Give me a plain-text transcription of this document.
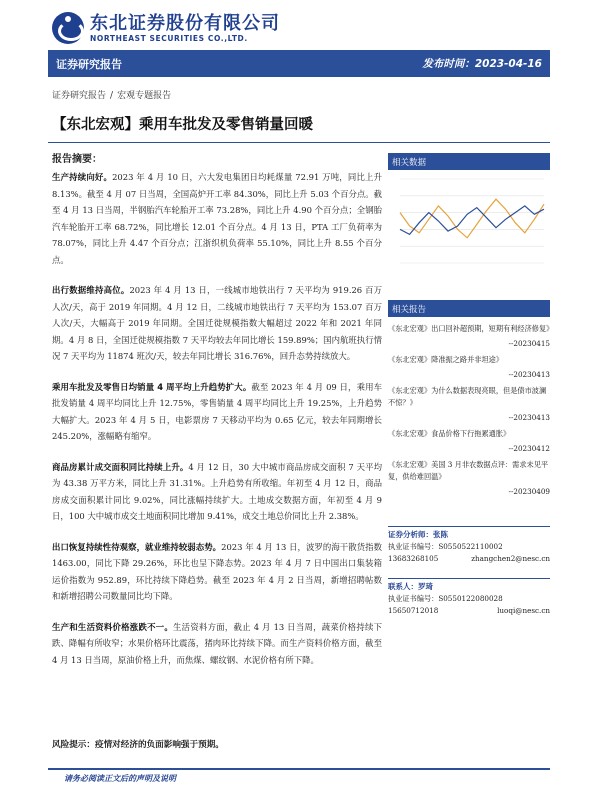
东北证券股份有限公司
NORTHEAST SECURITIES CO.,LTD.
证券研究报告	发布时间：2023-04-16
证券研究报告 / 宏观专题报告
【东北宏观】乘用车批发及零售销量回暖
报告摘要：

生产持续向好。2023 年 4 月 10 日，六大发电集团日均耗煤量 72.91 万吨，同比上升 8.13%。截至 4 月 07 日当周，全国高炉开工率 84.30%，同比上升 5.03 个百分点。截至 4 月 13 日当周，半钢胎汽车轮胎开工率 73.28%，同比上升 4.90 个百分点；全钢胎汽车轮胎开工率 68.72%，同比增长 12.01 个百分点。4 月 13 日，PTA 工厂负荷率为 78.07%，同比上升 4.47 个百分点；江浙织机负荷率 55.10%，同比上升 8.55 个百分点。

出行数据维持高位。2023 年 4 月 13 日，一线城市地铁出行 7 天平均为 919.26 百万人次/天，高于 2019 年同期。4 月 12 日，二线城市地铁出行 7 天平均为 153.07 百万人次/天，大幅高于 2019 年同期。全国迁徙规模指数大幅超过 2022 年和 2021 年同期。4 月 8 日，全国迁徙规模指数 7 天平均较去年同比增长 159.89%；国内航班执行情况 7 天平均为 11874 班次/天，较去年同比增长 316.76%，回升态势持续放大。

乘用车批发及零售日均销量 4 周平均上升趋势扩大。截至 2023 年 4 月 09 日，乘用车批发销量 4 周平均同比上升 12.75%，零售销量 4 周平均同比上升 19.25%，上升趋势大幅扩大。2023 年 4 月 5 日，电影票房 7 天移动平均为 0.65 亿元，较去年同期增长 245.20%，涨幅略有缩窄。

商品房累计成交面积同比持续上升。4 月 12 日，30 大中城市商品房成交面积 7 天平均为 43.38 万平方米，同比上升 31.31%。上升趋势有所收缩。年初至 4 月 12 日，商品房成交面积累计同比 9.02%，同比涨幅持续扩大。土地成交数据方面，年初至 4 月 9 日，100 大中城市成交土地面积同比增加 9.41%，成交土地总价同比上升 2.38%。

出口恢复持续性待观察，就业维持较弱态势。2023 年 4 月 13 日，波罗的海干散货指数 1463.00，同比下降 29.26%，环比也呈下降态势。2023 年 4 月 7 日中国出口集装箱运价指数为 952.89，环比持续下降趋势。截至 2023 年 4 月 2 日当周，新增招聘帖数和新增招聘公司数量同比均下降。

生产和生活资料价格涨跌不一。生活资料方面，截止 4 月 13 日当周，蔬菜价格持续下跌、降幅有所收窄；水果价格环比震荡，猪肉环比持续下降。而生产资料价格方面，截至 4 月 13 日当周，原油价格上升，而焦煤、螺纹钢、水泥价格有所下降。

相关数据
相关报告
《东北宏观》出口回补超预期，短期有利经济修复》
--20230415
《东北宏观》降准振之路并非坦途》
--20230413
《东北宏观》为什么数据表现亮眼，但是债市波澜不惊？》
--20230413
《东北宏观》食品价格下行拖累通胀》
--20230412
《东北宏观》美国 3 月非农数据点评：需求未见平复，供给难回温》
--20230409
证券分析师：张陈
执业证书编号：S0550522110002
13683268105	zhangchen2@nesc.cn
联系人：罗琦
执业证书编号：S0550122080028
15650712018	luoqi@nesc.cn
风险提示：疫情对经济的负面影响强于预期。
请务必阅读正文后的声明及说明
